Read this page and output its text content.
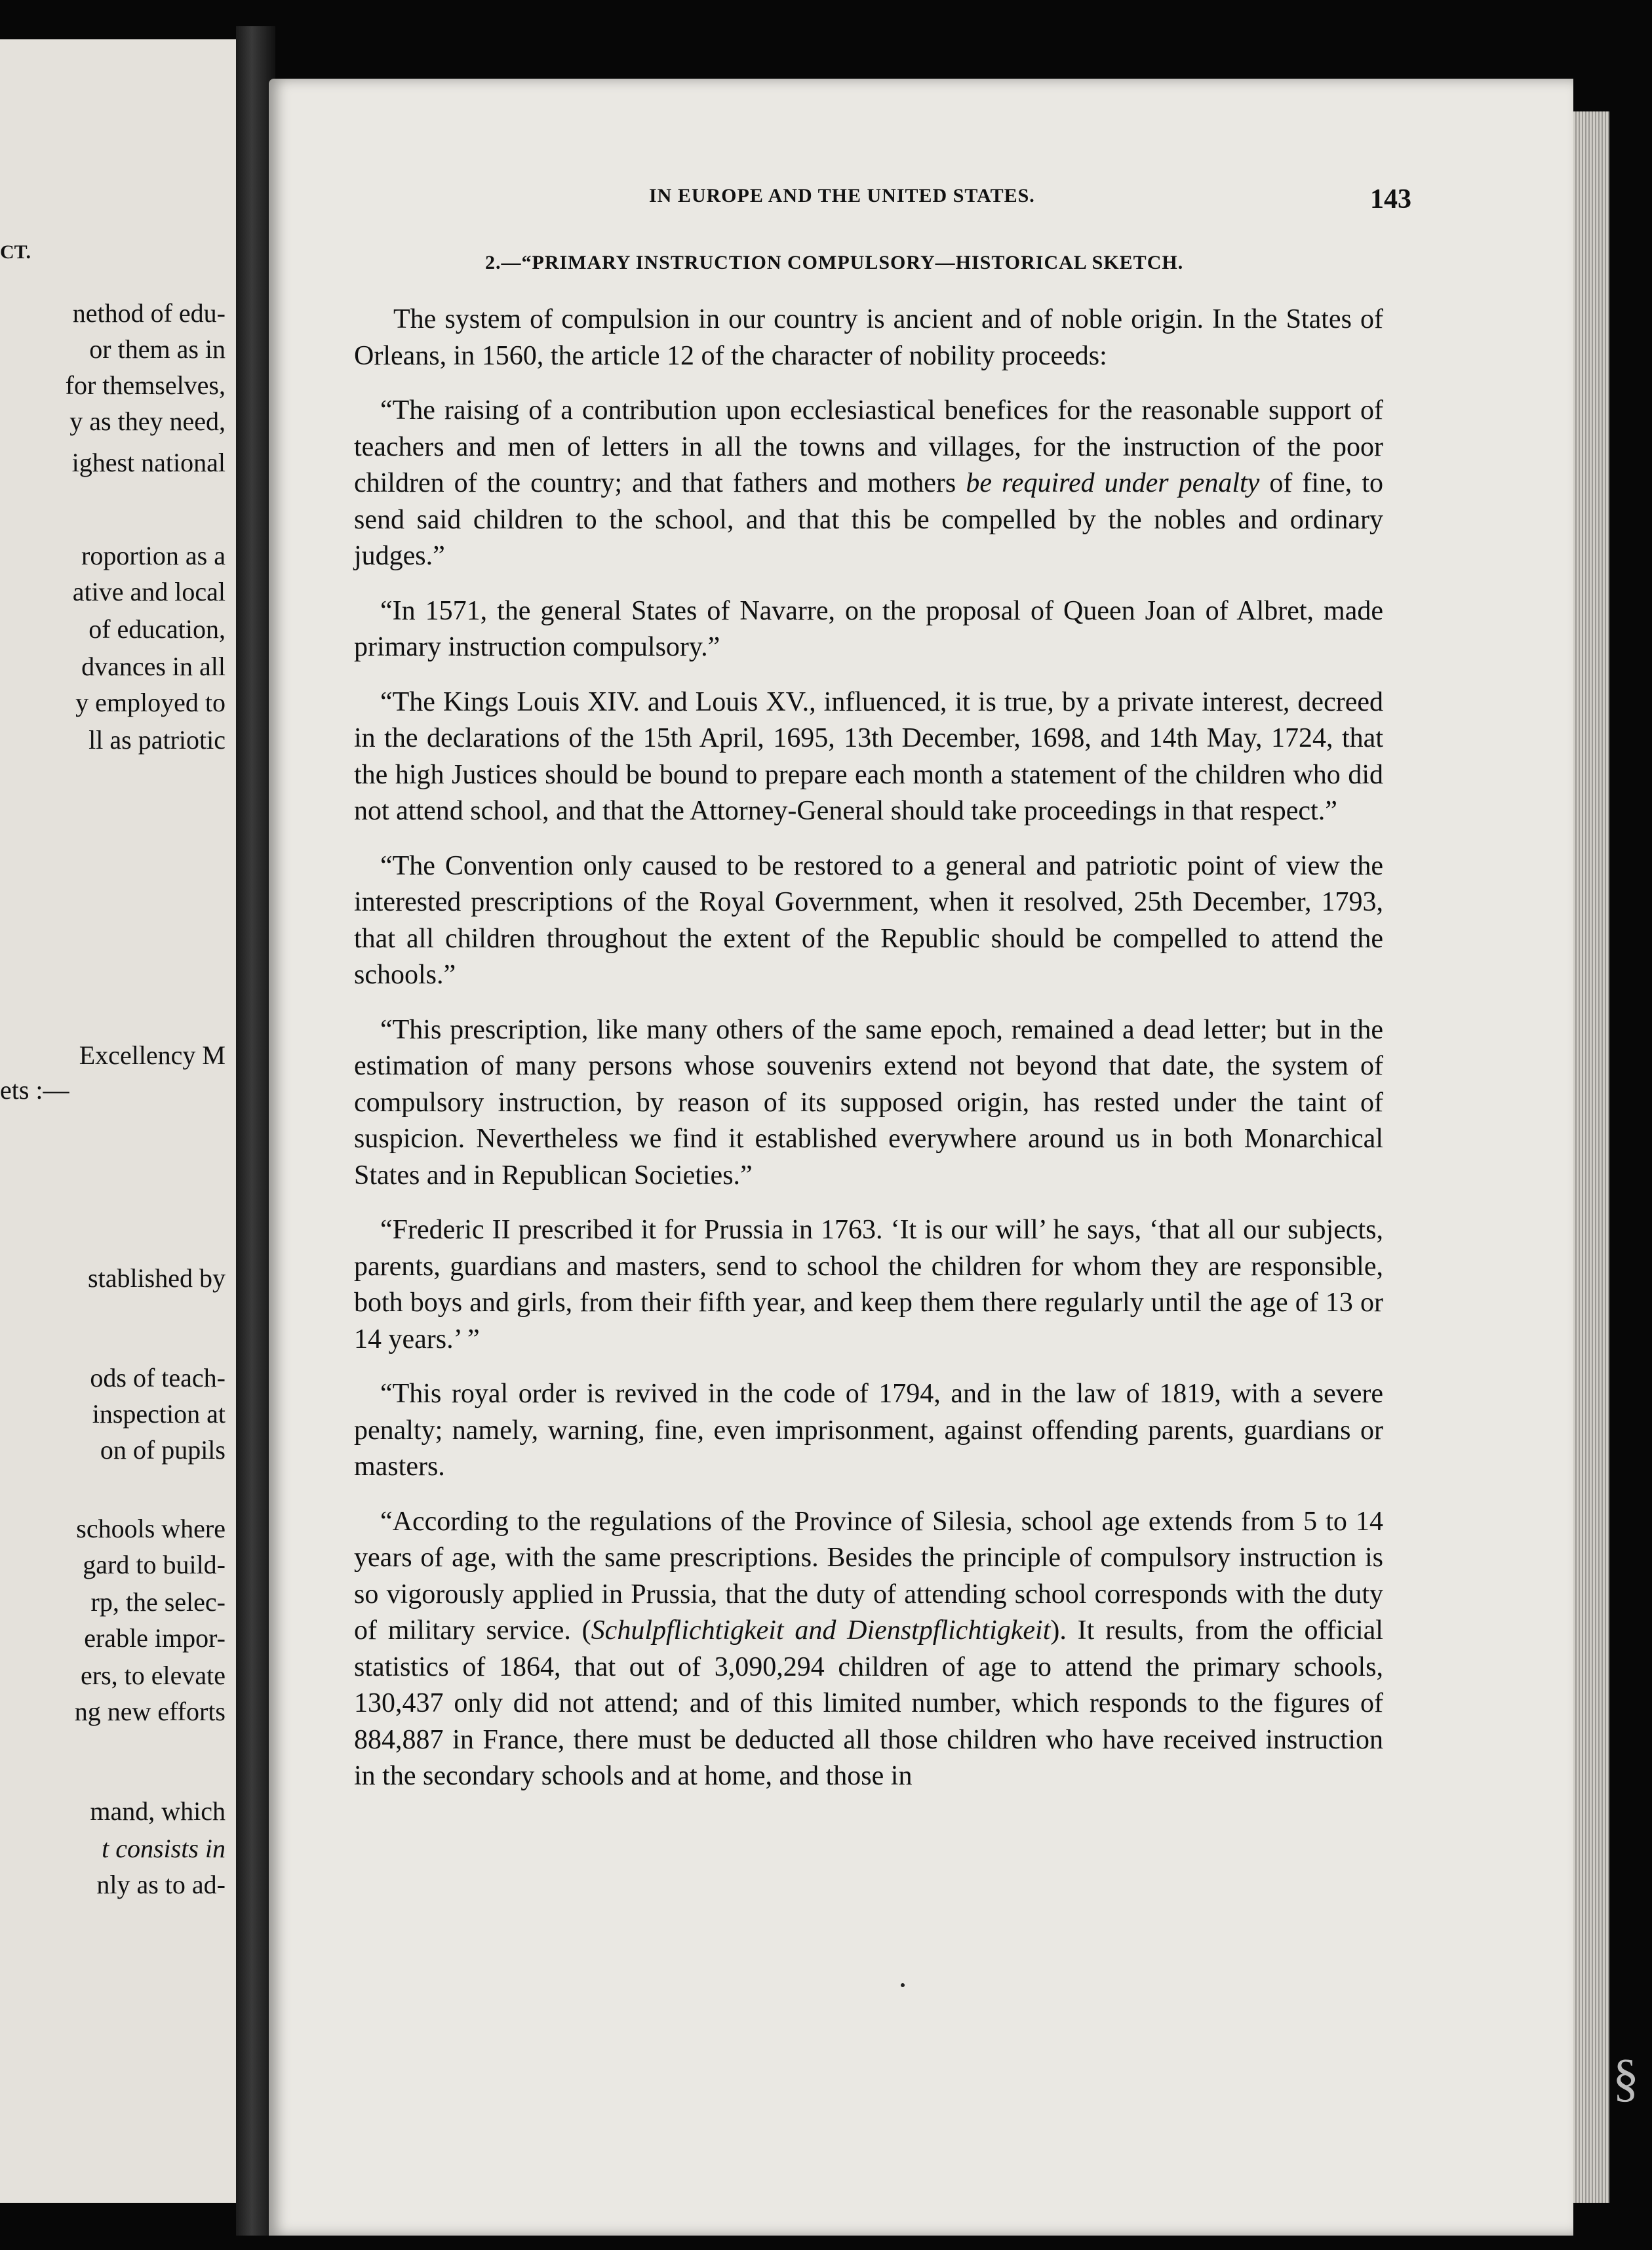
CT.
nethod of edu-
or them as in
for themselves,
y as they need,
ighest national
roportion as a
ative and local
of education,
dvances in all
y employed to
ll as patriotic
Excellency M
ets :—
stablished by
ods of teach-
inspection at
on of pupils
schools where
gard to build-
rp, the selec-
erable impor-
ers, to elevate
ng new efforts
mand, which
t consists in
nly as to ad-
IN EUROPE AND THE UNITED STATES.	143
2.—“PRIMARY INSTRUCTION COMPULSORY—HISTORICAL SKETCH.

The system of compulsion in our country is ancient and of noble origin. In the States of Orleans, in 1560, the article 12 of the character of nobility proceeds:

“The raising of a contribution upon ecclesiastical benefices for the reasonable support of teachers and men of letters in all the towns and villages, for the instruction of the poor children of the country; and that fathers and mothers be required under penalty of fine, to send said children to the school, and that this be compelled by the nobles and ordinary judges.”

“In 1571, the general States of Navarre, on the proposal of Queen Joan of Albret, made primary instruction compulsory.”

“The Kings Louis XIV. and Louis XV., influenced, it is true, by a private interest, decreed in the declarations of the 15th April, 1695, 13th December, 1698, and 14th May, 1724, that the high Justices should be bound to prepare each month a statement of the children who did not attend school, and that the Attorney-General should take proceedings in that respect.”

“The Convention only caused to be restored to a general and patriotic point of view the interested prescriptions of the Royal Government, when it resolved, 25th December, 1793, that all children throughout the extent of the Republic should be compelled to attend the schools.”

“This prescription, like many others of the same epoch, remained a dead letter; but in the estimation of many persons whose souvenirs extend not beyond that date, the system of compulsory instruction, by reason of its supposed origin, has rested under the taint of suspicion. Nevertheless we find it established everywhere around us in both Monarchical States and in Republican Societies.”

“Frederic II prescribed it for Prussia in 1763. ‘It is our will’ he says, ‘that all our subjects, parents, guardians and masters, send to school the children for whom they are responsible, both boys and girls, from their fifth year, and keep them there regularly until the age of 13 or 14 years.’ ”

“This royal order is revived in the code of 1794, and in the law of 1819, with a severe penalty; namely, warning, fine, even imprisonment, against offending parents, guardians or masters.

“According to the regulations of the Province of Silesia, school age extends from 5 to 14 years of age, with the same prescriptions. Besides the principle of compulsory instruction is so vigorously applied in Prussia, that the duty of attending school corresponds with the duty of military service. (Schulpflichtigkeit and Dienstpflichtigkeit). It results, from the official statistics of 1864, that out of 3,090,294 children of age to attend the primary schools, 130,437 only did not attend; and of this limited number, which responds to the figures of 884,887 in France, there must be deducted all those children who have received instruction in the secondary schools and at home, and those in

§
